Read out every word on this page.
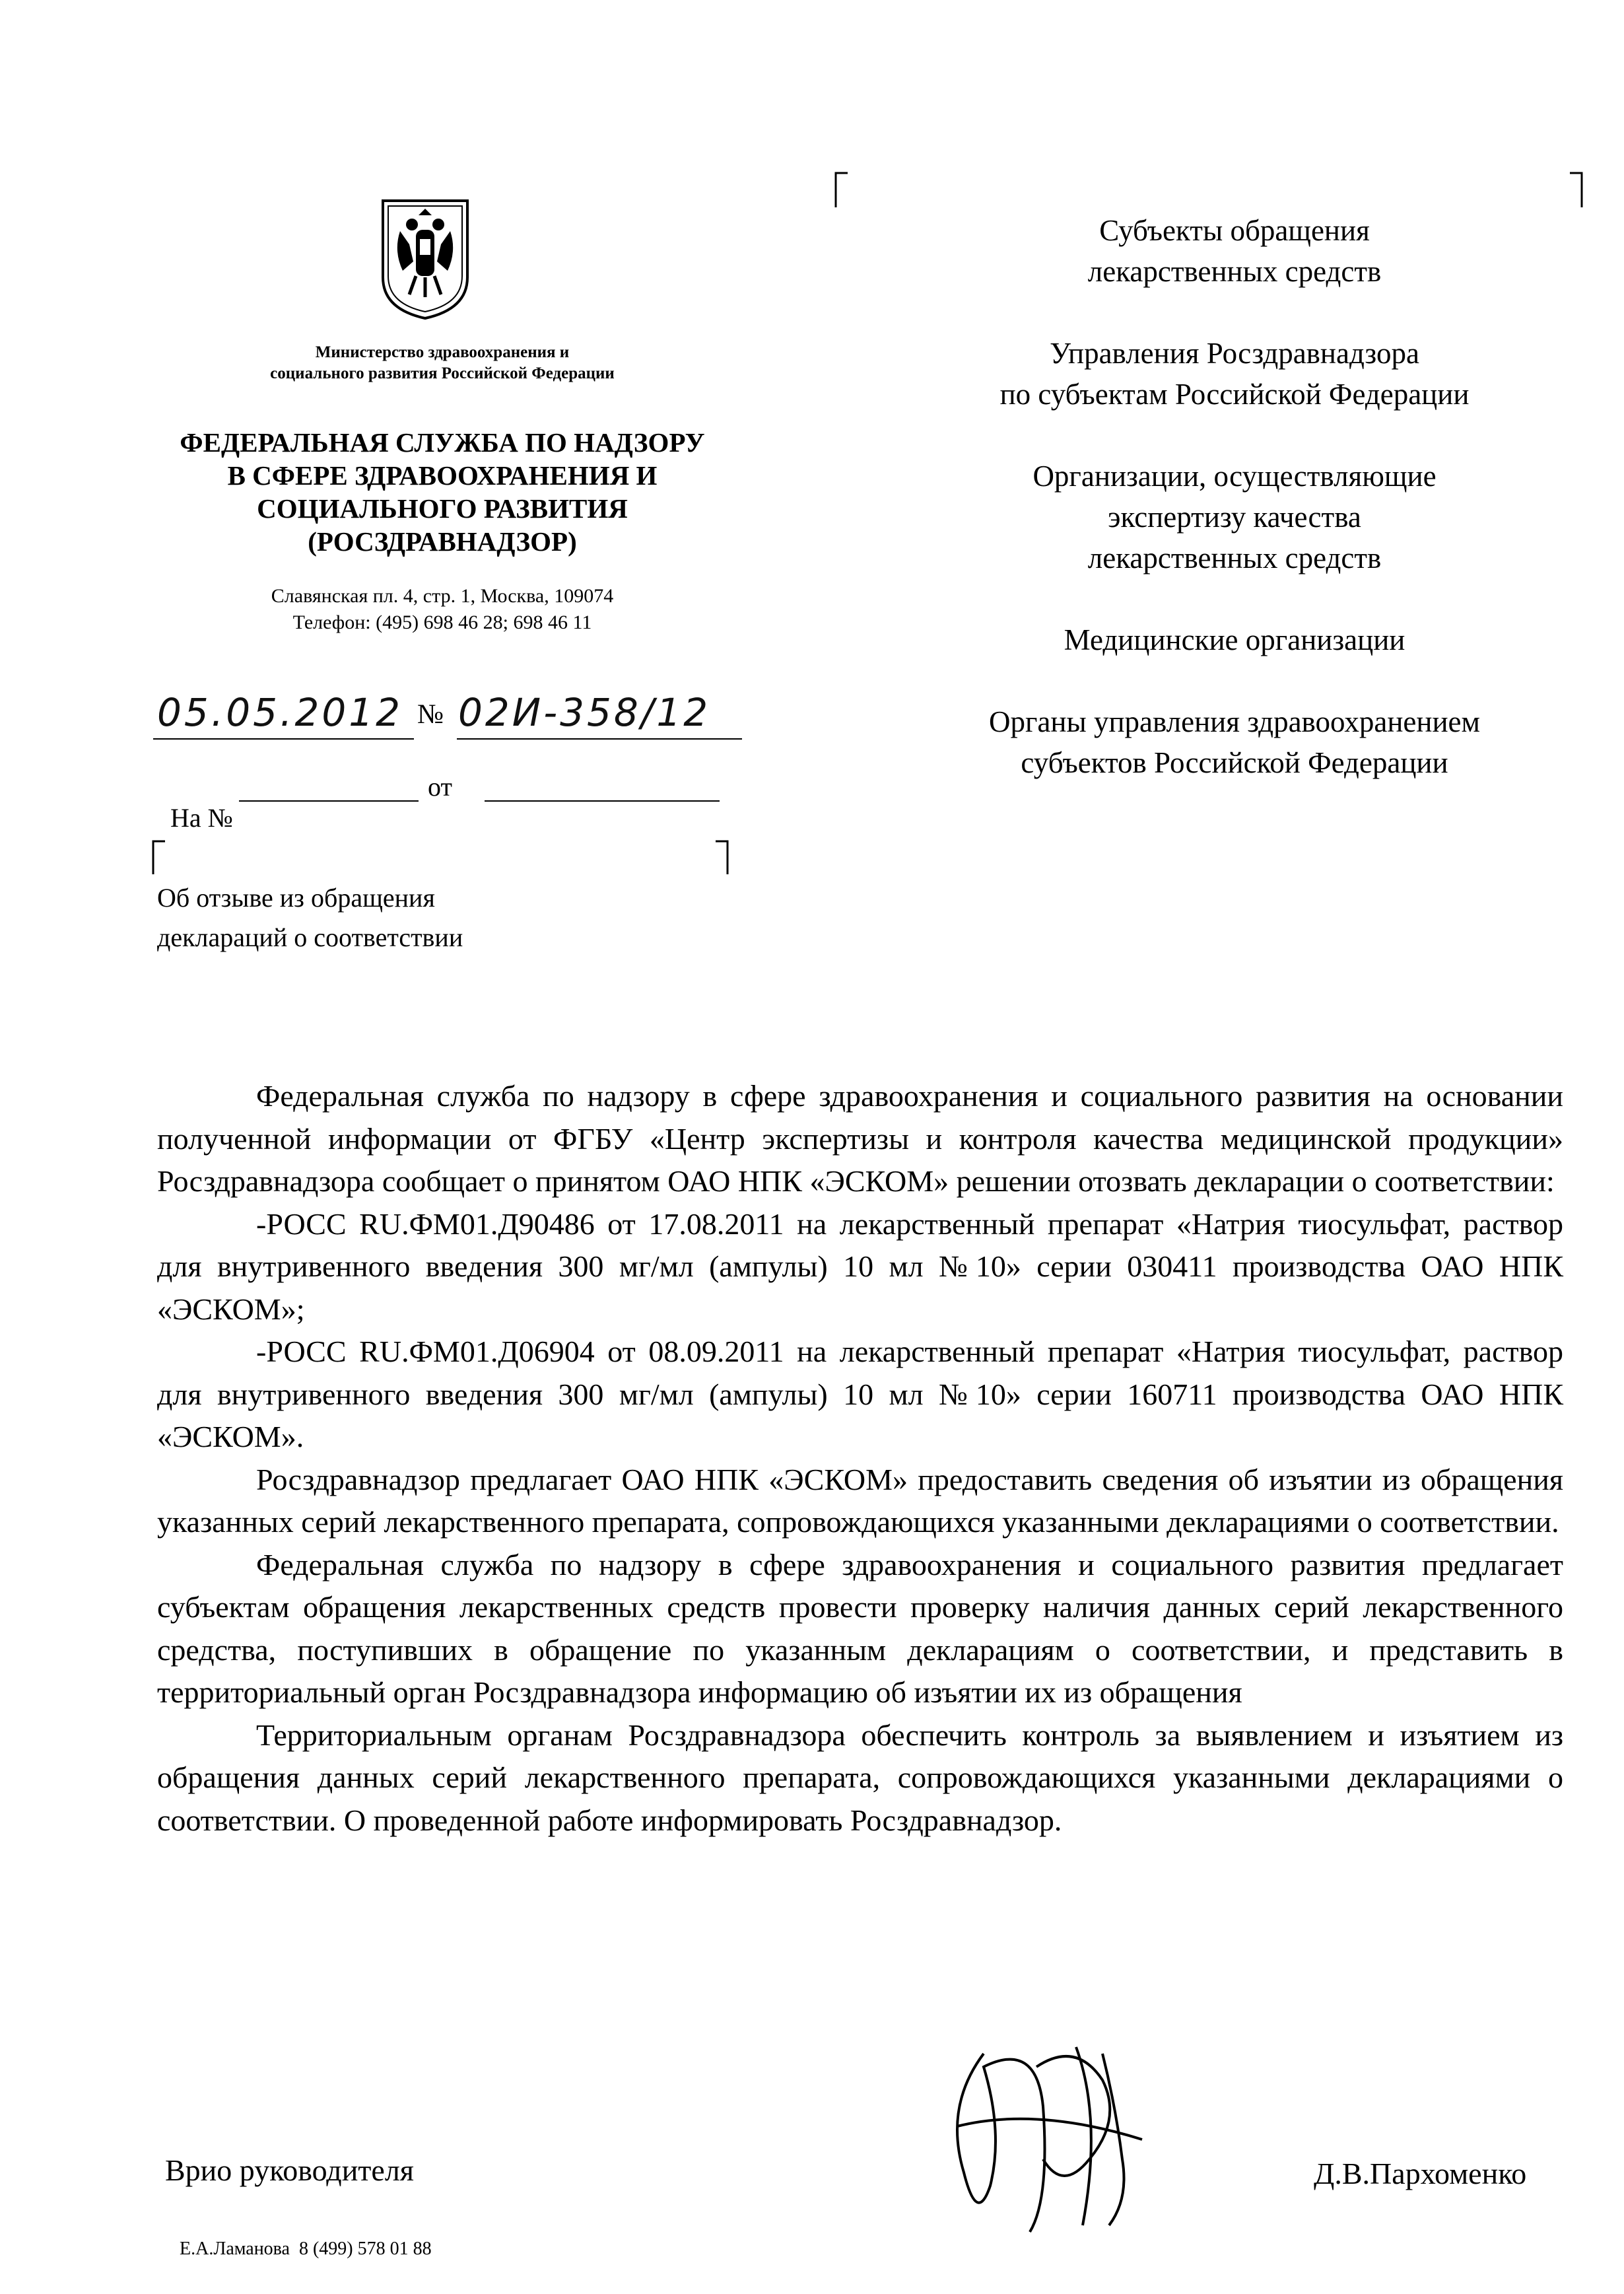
Министерство здравоохранения и
социального развития Российской Федерации
ФЕДЕРАЛЬНАЯ СЛУЖБА ПО НАДЗОРУ
В СФЕРЕ ЗДРАВООХРАНЕНИЯ И
СОЦИАЛЬНОГО РАЗВИТИЯ
(РОСЗДРАВНАДЗОР)
Славянская пл. 4, стр. 1, Москва, 109074
Телефон: (495) 698 46 28; 698 46 11
05.05.2012 № 02И-358/12

На №

от
Об отзыве из обращения
деклараций о соответствии

Субъекты обращения
лекарственных средств

Управления Росздравнадзора
по субъектам Российской Федерации

Организации, осуществляющие
экспертизу качества
лекарственных средств

Медицинские организации

Органы управления здравоохранением
субъектов Российской Федерации

Федеральная служба по надзору в сфере здравоохранения и социального развития на основании полученной информации от ФГБУ «Центр экспертизы и контроля качества медицинской продукции» Росздравнадзора сообщает о принятом ОАО НПК «ЭСКОМ» решении отозвать декларации о соответствии:

-РОСС RU.ФМ01.Д90486 от 17.08.2011 на лекарственный препарат «Натрия тиосульфат, раствор для внутривенного введения 300 мг/мл (ампулы) 10 мл №10» серии 030411 производства ОАО НПК «ЭСКОМ»;

-РОСС RU.ФМ01.Д06904 от 08.09.2011 на лекарственный препарат «Натрия тиосульфат, раствор для внутривенного введения 300 мг/мл (ампулы) 10 мл №10» серии 160711 производства ОАО НПК «ЭСКОМ».

Росздравнадзор предлагает ОАО НПК «ЭСКОМ» предоставить сведения об изъятии из обращения указанных серий лекарственного препарата, сопровождающихся указанными декларациями о соответствии.

Федеральная служба по надзору в сфере здравоохранения и социального развития предлагает субъектам обращения лекарственных средств провести проверку наличия данных серий лекарственного средства, поступивших в обращение по указанным декларациям о соответствии, и представить в территориальный орган Росздравнадзора информацию об изъятии их из обращения

Территориальным органам Росздравнадзора обеспечить контроль за выявлением и изъятием из обращения данных серий лекарственного препарата, сопровождающихся указанными декларациями о соответствии. О проведенной работе информировать Росздравнадзор.

Врио руководителя	Д.В.Пархоменко
Е.А.Ламанова  8 (499) 578 01 88
